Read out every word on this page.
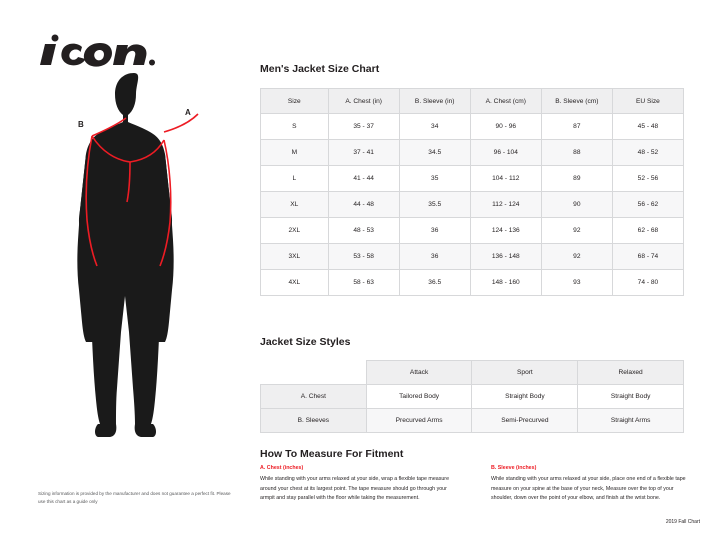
A
B
Sizing information is provided by the manufacturer and does not guarantee a perfect fit. Please use this chart as a guide only
Men's Jacket Size Chart
Size	A. Chest (in)	B. Sleeve (in)	A. Chest (cm)	B. Sleeve (cm)	EU Size
S	35 - 37	34	90 - 96	87	45 - 48
M	37 - 41	34.5	96 - 104	88	48 - 52
L	41 - 44	35	104 - 112	89	52 - 56
XL	44 - 48	35.5	112 - 124	90	56 - 62
2XL	48 - 53	36	124 - 136	92	62 - 68
3XL	53 - 58	36	136 - 148	92	68 - 74
4XL	58 - 63	36.5	148 - 160	93	74 - 80
Jacket Size Styles
	Attack	Sport	Relaxed
A. Chest	Tailored Body	Straight Body	Straight Body
B. Sleeves	Precurved Arms	Semi-Precurved	Straight Arms
How To Measure For Fitment
A. Chest (inches)
While standing with your arms relaxed at your side, wrap a flexible tape measure around your chest at its largest point. The tape measure should go through your armpit and stay parallel with the floor while taking the measurement.
B. Sleeve (inches)
While standing with your arms relaxed at your side, place one end of a flexible tape measure on your spine at the base of your neck, Measure over the top of your shoulder, down over the point of your elbow, and finish at the wrist bone.
2019 Fall Chart
